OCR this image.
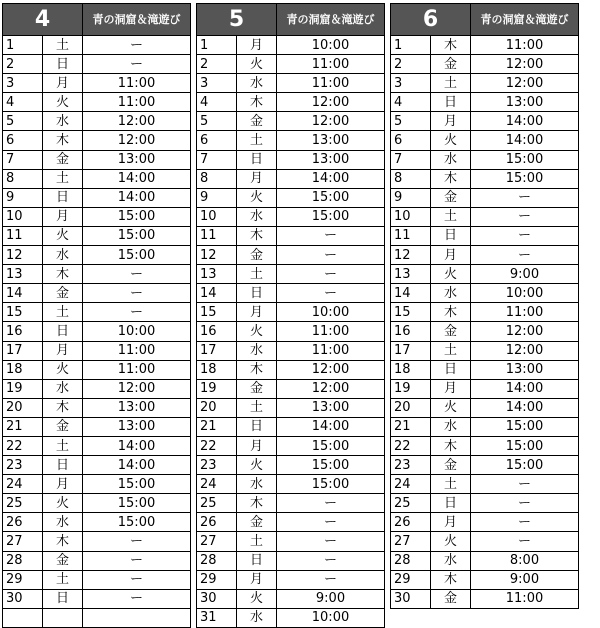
4		青の洞窟＆滝遊び
1	土	ー
2	日	ー
3	月	11:00
4	火	11:00
5	水	12:00
6	木	12:00
7	金	13:00
8	土	14:00
9	日	14:00
10	月	15:00
11	火	15:00
12	水	15:00
13	木	ー
14	金	ー
15	土	ー
16	日	10:00
17	月	11:00
18	火	11:00
19	水	12:00
20	木	13:00
21	金	13:00
22	土	14:00
23	日	14:00
24	月	15:00
25	火	15:00
26	水	15:00
27	木	ー
28	金	ー
29	土	ー
30	日	ー

5		青の洞窟＆滝遊び
1	月	10:00
2	火	11:00
3	水	11:00
4	木	12:00
5	金	12:00
6	土	13:00
7	日	13:00
8	月	14:00
9	火	15:00
10	水	15:00
11	木	ー
12	金	ー
13	土	ー
14	日	ー
15	月	10:00
16	火	11:00
17	水	11:00
18	木	12:00
19	金	12:00
20	土	13:00
21	日	14:00
22	月	15:00
23	火	15:00
24	水	15:00
25	木	ー
26	金	ー
27	土	ー
28	日	ー
29	月	ー
30	火	9:00
31	水	10:00
6		青の洞窟＆滝遊び
1	木	11:00
2	金	12:00
3	土	12:00
4	日	13:00
5	月	14:00
6	火	14:00
7	水	15:00
8	木	15:00
9	金	ー
10	土	ー
11	日	ー
12	月	ー
13	火	9:00
14	水	10:00
15	木	11:00
16	金	12:00
17	土	12:00
18	日	13:00
19	月	14:00
20	火	14:00
21	水	15:00
22	木	15:00
23	金	15:00
24	土	ー
25	日	ー
26	月	ー
27	火	ー
28	水	8:00
29	木	9:00
30	金	11:00
